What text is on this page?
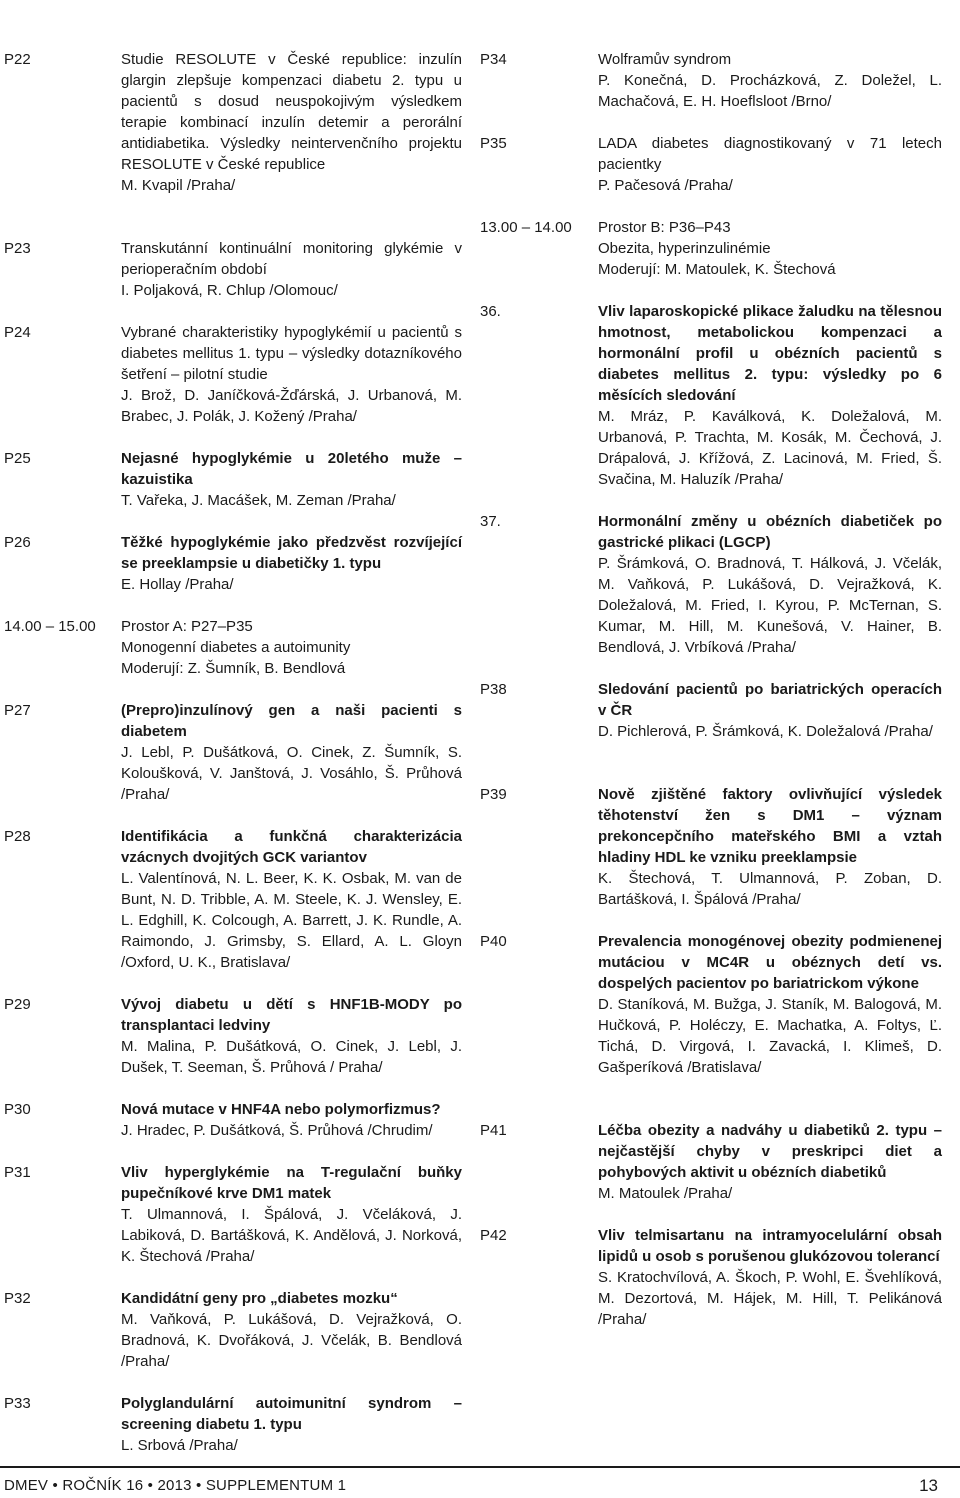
P22	Studie RESOLUTE v České republice: inzulín glargin zlepšuje kompenzaci diabetu 2. typu u pacientů s dosud neuspokojivým výsledkem terapie kombinací inzulín detemir a perorální antidiabetika. Výsledky neintervenčního projektu RESOLUTE v České republice
M. Kvapil /Praha/
P23	Transkutánní kontinuální monitoring glykémie v perioperačním období
I. Poljaková, R. Chlup /Olomouc/
P24	Vybrané charakteristiky hypoglykémií u pacientů s diabetes mellitus 1. typu – výsledky dotazníkového šetření – pilotní studie
J. Brož, D. Janíčková-Žďárská, J. Urbanová, M. Brabec, J. Polák, J. Kožený /Praha/
P25	Nejasné hypoglykémie u 20letého muže – kazuistika
T. Vařeka, J. Macášek, M. Zeman /Praha/
P26	Těžké hypoglykémie jako předzvěst rozvíjející se preeklampsie u diabetičky 1. typu
E. Hollay /Praha/
14.00 – 15.00	Prostor A: P27–P35
Monogenní diabetes a autoimunity
Moderují: Z. Šumník, B. Bendlová
P27	(Prepro)inzulínový gen a naši pacienti s diabetem
J. Lebl, P. Dušátková, O. Cinek, Z. Šumník, S. Koloušková, V. Janštová, J. Vosáhlo, Š. Průhová /Praha/
P28	Identifikácia a funkčná charakterizácia vzácnych dvojitých GCK variantov
L. Valentínová, N. L. Beer, K. K. Osbak, M. van de Bunt, N. D. Tribble, A. M. Steele, K. J. Wensley, E. L. Edghill, K. Colcough, A. Barrett, J. K. Rundle, A. Raimondo, J. Grimsby, S. Ellard, A. L. Gloyn /Oxford, U. K., Bratislava/
P29	Vývoj diabetu u dětí s HNF1B-MODY po transplantaci ledviny
M. Malina, P. Dušátková, O. Cinek, J. Lebl, J. Dušek, T. Seeman, Š. Průhová / Praha/
P30	Nová mutace v HNF4A nebo polymorfizmus?
J. Hradec, P. Dušátková, Š. Průhová /Chrudim/
P31	Vliv hyperglykémie na T-regulační buňky pupečníkové krve DM1 matek
T. Ulmannová, I. Špálová, J. Včeláková, J. Labiková, D. Bartášková, K. Andělová, J. Norková, K. Štechová /Praha/
P32	Kandidátní geny pro „diabetes mozku“
M. Vaňková, P. Lukášová, D. Vejražková, O. Bradnová, K. Dvořáková, J. Včelák, B. Bendlová /Praha/
P33	Polyglandulární autoimunitní syndrom – screening diabetu 1. typu
L. Srbová /Praha/
P34	Wolframův syndrom
P. Konečná, D. Procházková, Z. Doležel, L. Machačová, E. H. Hoeflsloot /Brno/
P35	LADA diabetes diagnostikovaný v 71 letech pacientky
P. Pačesová /Praha/
13.00 – 14.00	Prostor B: P36–P43
Obezita, hyperinzulinémie
Moderují: M. Matoulek, K. Štechová
36.	Vliv laparoskopické plikace žaludku na tělesnou hmotnost, metabolickou kompenzaci a hormonální profil u obézních pacientů s diabetes mellitus 2. typu: výsledky po 6 měsících sledování
M. Mráz, P. Kaválková, K. Doležalová, M. Urbanová, P. Trachta, M. Kosák, M. Čechová, J. Drápalová, J. Křížová, Z. Lacinová, M. Fried, Š. Svačina, M. Haluzík /Praha/
37.	Hormonální změny u obézních diabetiček po gastrické plikaci (LGCP)
P. Šrámková, O. Bradnová, T. Hálková, J. Včelák, M. Vaňková, P. Lukášová, D. Vejražková, K. Doležalová, M. Fried, I. Kyrou, P. McTernan, S. Kumar, M. Hill, M. Kunešová, V. Hainer, B. Bendlová, J. Vrbíková /Praha/
P38	Sledování pacientů po bariatrických operacích v ČR
D. Pichlerová, P. Šrámková, K. Doležalová /Praha/
P39	Nově zjištěné faktory ovlivňující výsledek těhotenství žen s DM1 – význam prekoncepčního mateřského BMI a vztah hladiny HDL ke vzniku preeklampsie
K. Štechová, T. Ulmannová, P. Zoban, D. Bartášková, I. Špálová /Praha/
P40	Prevalencia monogénovej obezity podmienenej mutáciou v MC4R u obéznych detí vs. dospelých pacientov po bariatrickom výkone
D. Staníková, M. Bužga, J. Staník, M. Balogová, M. Hučková, P. Holéczy, E. Machatka, A. Foltys, Ľ. Tichá, D. Virgová, I. Zavacká, I. Klimeš, D. Gašperíková /Bratislava/
P41	Léčba obezity a nadváhy u diabetiků 2. typu – nejčastější chyby v preskripci diet a pohybových aktivit u obézních diabetiků
M. Matoulek /Praha/
P42	Vliv telmisartanu na intramyocelulární obsah lipidů u osob s porušenou glukózovou tolerancí
S. Kratochvílová, A. Škoch, P. Wohl, E. Švehlíková, M. Dezortová, M. Hájek, M. Hill, T. Pelikánová /Praha/
DMEV • ROČNÍK 16 • 2013 • SUPPLEMENTUM 1	13
